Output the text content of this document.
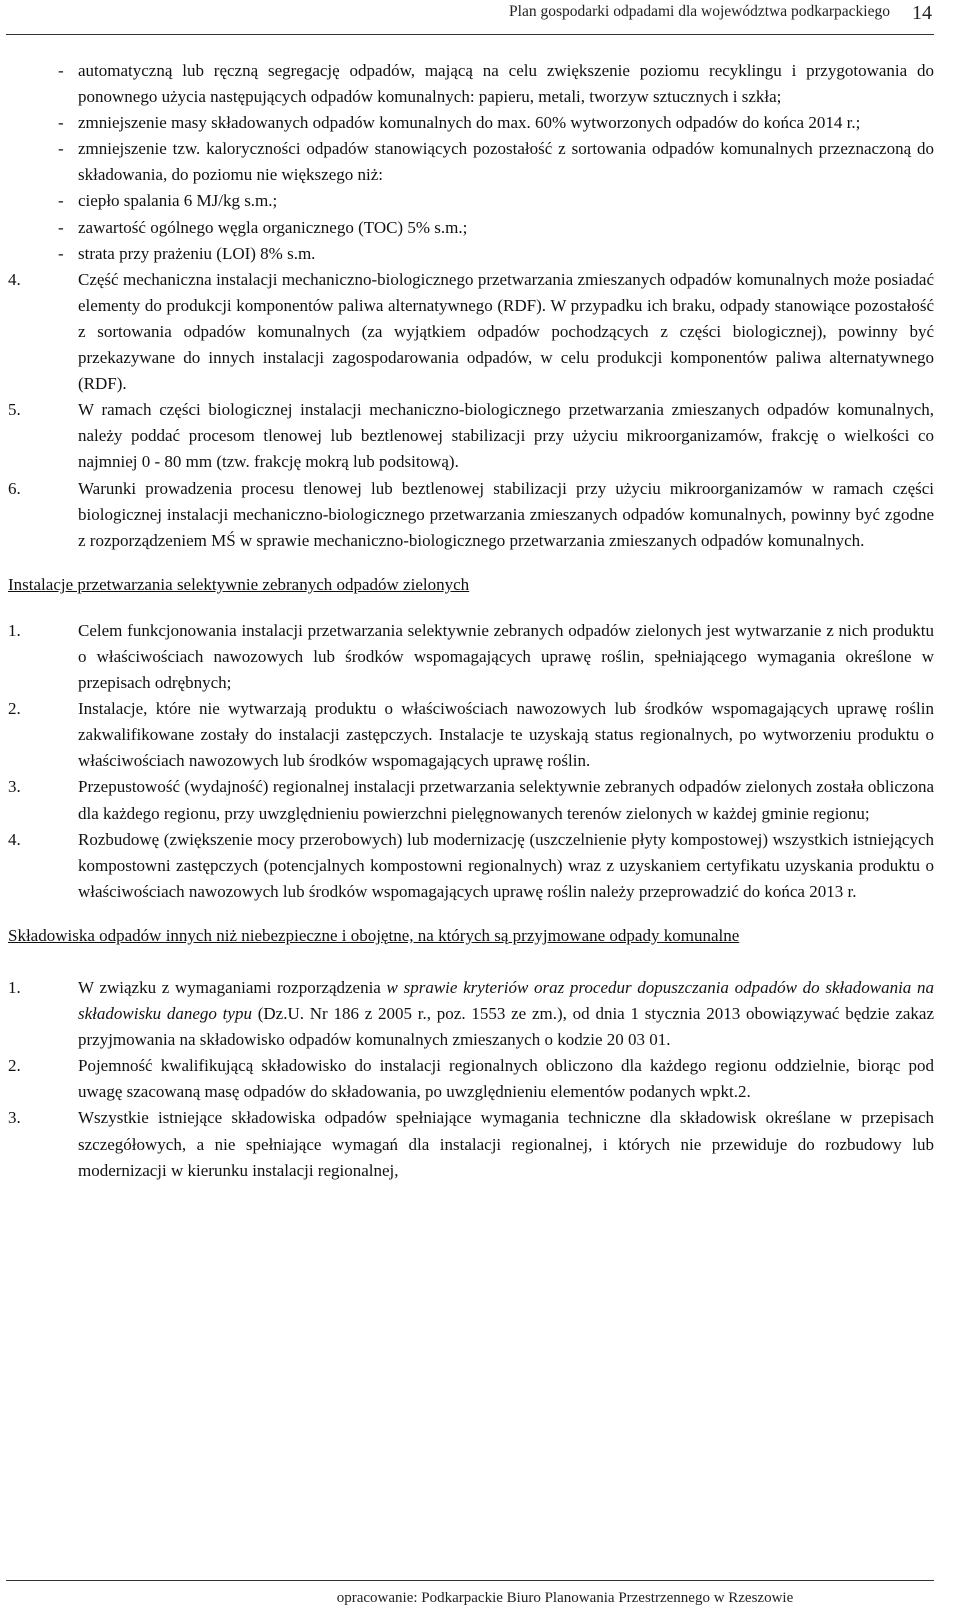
Plan gospodarki odpadami dla województwa podkarpackiego 14
- automatyczną lub ręczną segregację odpadów, mającą na celu zwiększenie poziomu recyklingu i przygotowania do ponownego użycia następujących odpadów komunalnych: papieru, metali, tworzyw sztucznych i szkła;
- zmniejszenie masy składowanych odpadów komunalnych do max. 60% wytworzonych odpadów do końca 2014 r.;
- zmniejszenie tzw. kaloryczności odpadów stanowiących pozostałość z sortowania odpadów komunalnych przeznaczoną do składowania, do poziomu nie większego niż:
- ciepło spalania 6 MJ/kg s.m.;
- zawartość ogólnego węgla organicznego (TOC) 5% s.m.;
- strata przy prażeniu (LOI) 8% s.m.
4.	Część mechaniczna instalacji mechaniczno-biologicznego przetwarzania zmieszanych odpadów komunalnych może posiadać elementy do produkcji komponentów paliwa alternatywnego (RDF). W przypadku ich braku, odpady stanowiące pozostałość z sortowania odpadów komunalnych (za wyjątkiem odpadów pochodzących z części biologicznej), powinny być przekazywane do innych instalacji zagospodarowania odpadów, w celu produkcji komponentów paliwa alternatywnego (RDF).
5.	W ramach części biologicznej instalacji mechaniczno-biologicznego przetwarzania zmieszanych odpadów komunalnych, należy poddać procesom tlenowej lub beztlenowej stabilizacji przy użyciu mikroorganizamów, frakcję o wielkości co najmniej 0 - 80 mm (tzw. frakcję mokrą lub podsitową).
6.	Warunki prowadzenia procesu tlenowej lub beztlenowej stabilizacji przy użyciu mikroorganizamów w ramach części biologicznej instalacji mechaniczno-biologicznego przetwarzania zmieszanych odpadów komunalnych, powinny być zgodne z rozporządzeniem MŚ w sprawie mechaniczno-biologicznego przetwarzania zmieszanych odpadów komunalnych.
Instalacje przetwarzania selektywnie zebranych odpadów zielonych
1.	Celem funkcjonowania instalacji przetwarzania selektywnie zebranych odpadów zielonych jest wytwarzanie z nich produktu o właściwościach nawozowych lub środków wspomagających uprawę roślin, spełniającego wymagania określone w przepisach odrębnych;
2.	Instalacje, które nie wytwarzają produktu o właściwościach nawozowych lub środków wspomagających uprawę roślin zakwalifikowane zostały do instalacji zastępczych. Instalacje te uzyskają status regionalnych, po wytworzeniu produktu o właściwościach nawozowych lub środków wspomagających uprawę roślin.
3.	Przepustowość (wydajność) regionalnej instalacji przetwarzania selektywnie zebranych odpadów zielonych została obliczona dla każdego regionu, przy uwzględnieniu powierzchni pielęgnowanych terenów zielonych w każdej gminie regionu;
4.	Rozbudowę (zwiększenie mocy przerobowych) lub modernizację (uszczelnienie płyty kompostowej) wszystkich istniejących kompostowni zastępczych (potencjalnych kompostowni regionalnych) wraz z uzyskaniem certyfikatu uzyskania produktu o właściwościach nawozowych lub środków wspomagających uprawę roślin należy przeprowadzić do końca 2013 r.
Składowiska odpadów innych niż niebezpieczne i obojętne, na których są przyjmowane odpady komunalne
1.	W związku z wymaganiami rozporządzenia w sprawie kryteriów oraz procedur dopuszczania odpadów do składowania na składowisku danego typu (Dz.U. Nr 186 z 2005 r., poz. 1553 ze zm.), od dnia 1 stycznia 2013 obowiązywać będzie zakaz przyjmowania na składowisko odpadów komunalnych zmieszanych o kodzie 20 03 01.
2.	Pojemność kwalifikującą składowisko do instalacji regionalnych obliczono dla każdego regionu oddzielnie, biorąc pod uwagę szacowaną masę odpadów do składowania, po uwzględnieniu elementów podanych wpkt.2.
3.	Wszystkie istniejące składowiska odpadów spełniające wymagania techniczne dla składowisk określane w przepisach szczegółowych, a nie spełniające wymagań dla instalacji regionalnej, i których nie przewiduje do rozbudowy lub modernizacji w kierunku instalacji regionalnej,
opracowanie: Podkarpackie Biuro Planowania Przestrzennego w Rzeszowie
